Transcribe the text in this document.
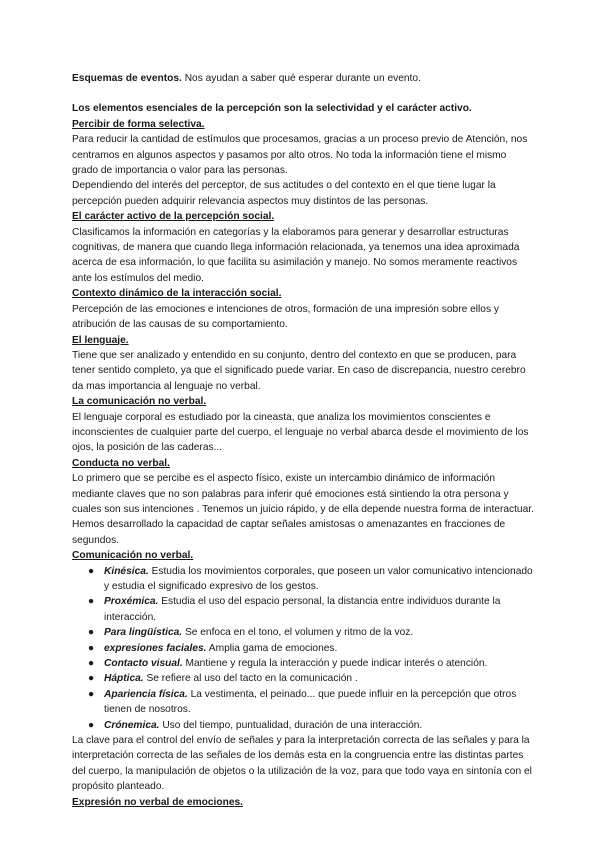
Esquemas de eventos. Nos ayudan a saber qué esperar durante un evento.

Los elementos esenciales de la percepción son la selectividad y el carácter activo.

Percibir de forma selectiva.

Para reducir la cantidad de estímulos que procesamos, gracias a un proceso previo de Atención, nos centramos en algunos aspectos y pasamos por alto otros. No toda la información tiene el mismo grado de importancia o valor para las personas.

Dependiendo del interés del perceptor, de sus actitudes o del contexto en el que tiene lugar la percepción pueden adquirir relevancia aspectos muy distintos de las personas.

El carácter activo de la percepción social.

Clasificamos la información en categorías y la elaboramos para generar y desarrollar estructuras cognitivas, de manera que cuando llega información relacionada, ya tenemos una idea aproximada acerca de esa información, lo que facilita su asimilación y manejo. No somos meramente reactivos ante los estímulos del medio.

Contexto dinámico de la interacción social.

Percepción de las emociones e intenciones de otros, formación de una impresión sobre ellos y atribución de las causas de su comportamiento.

El lenguaje.

Tiene que ser analizado y entendido en su conjunto, dentro del contexto en que se producen, para tener sentido completo, ya que el significado puede variar. En caso de discrepancia, nuestro cerebro da mas importancia al lenguaje no verbal.

La comunicación no verbal.

El lenguaje corporal es estudiado por la cineasta, que analiza los movimientos conscientes e inconscientes de cualquier parte del cuerpo, el lenguaje no verbal abarca desde el movimiento de los ojos, la posición de las caderas...

Conducta no verbal.

Lo primero que se percibe es el aspecto físico, existe un intercambio dinámico de información mediante claves que no son palabras para inferir qué emociones está sintiendo la otra persona y cuales son sus intenciones . Tenemos un juicio rápido, y de ella depende nuestra forma de interactuar. Hemos desarrollado la capacidad de captar señales amistosas o amenazantes en fracciones de segundos.

Comunicación no verbal.

● Kinésica. Estudia los movimientos corporales, que poseen un valor comunicativo intencionado y estudia el significado expresivo de los gestos.
● Proxémica. Estudia el uso del espacio personal, la distancia entre individuos durante la interacción.
● Para lingüística. Se enfoca en el tono, el volumen y ritmo de la voz.
● expresiones faciales. Amplia gama de emociones.
● Contacto visual. Mantiene y regula la interacción y puede indicar interés o atención.
● Háptica. Se refiere al uso del tacto en la comunicación .
● Apariencia física. La vestimenta, el peinado... que puede influir en la percepción que otros tienen de nosotros.
● Crónemica. Uso del tiempo, puntualidad, duración de una interacción.

La clave para el control del envío de señales y para la interpretación correcta de las señales y para la interpretación correcta de las señales de los demás esta en la congruencia entre las distintas partes del cuerpo, la manipulación de objetos o la utilización de la voz, para que todo vaya en sintonía con el propósito planteado.

Expresión no verbal de emociones.
